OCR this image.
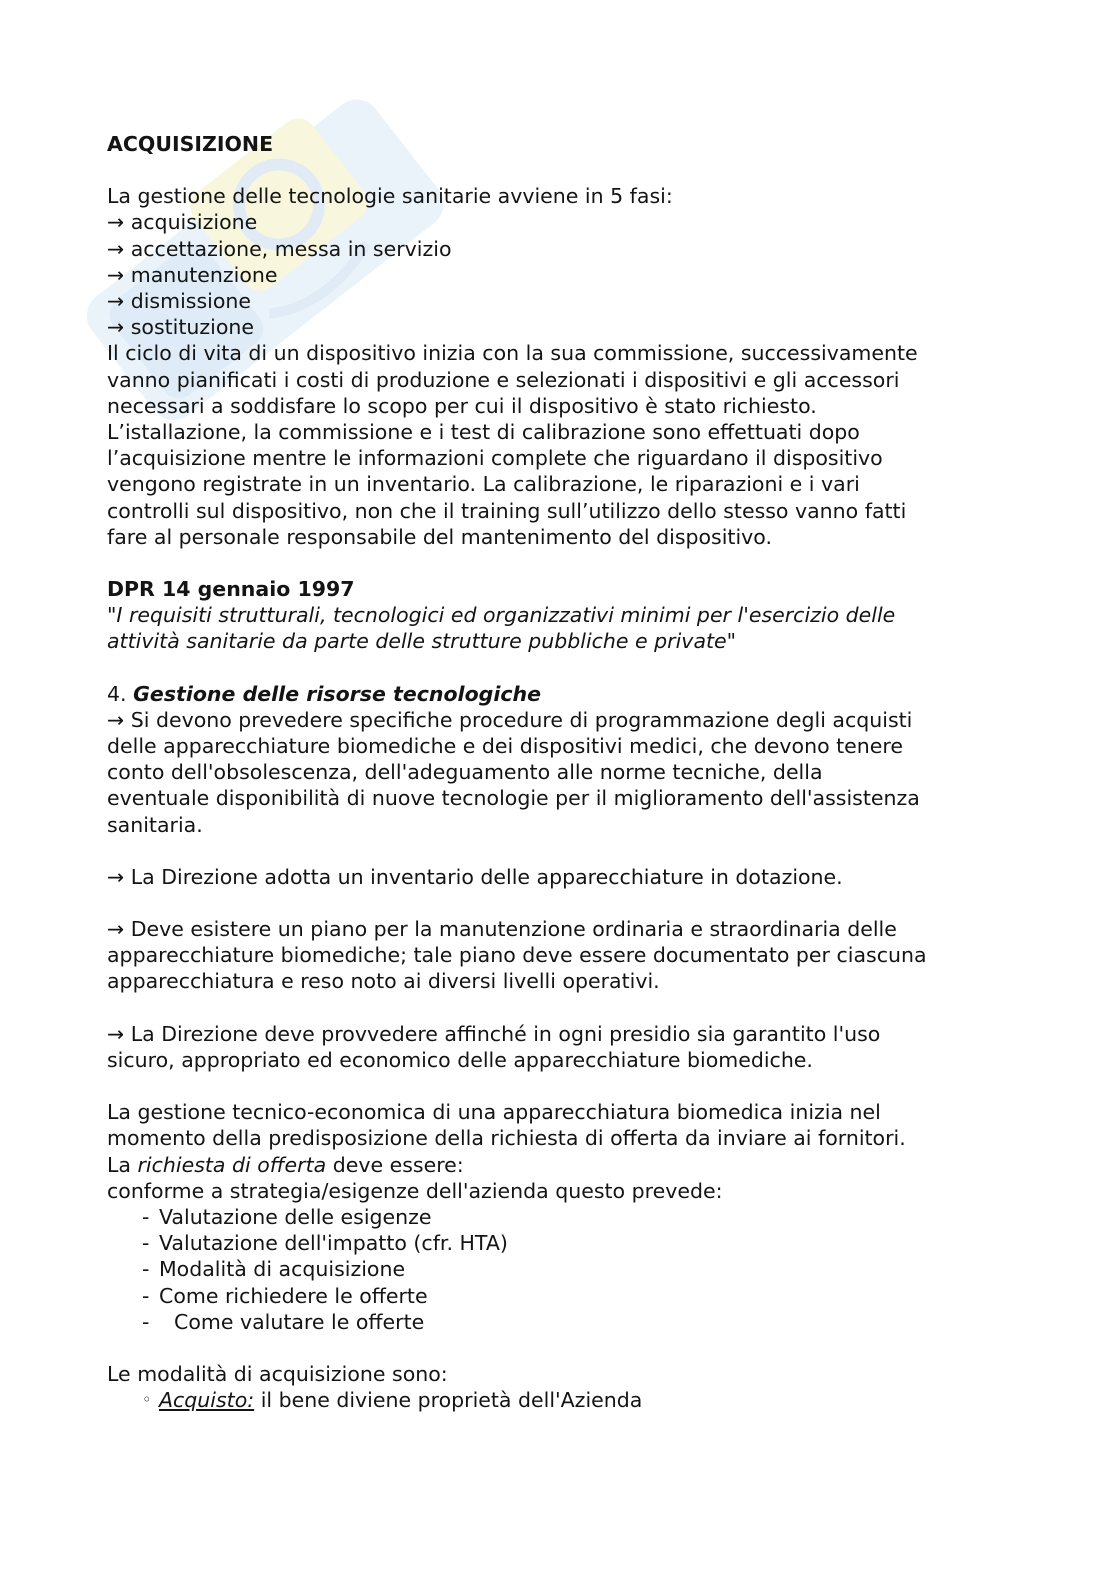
ACQUISIZIONE

La gestione delle tecnologie sanitarie avviene in 5 fasi:

→ acquisizione

→ accettazione, messa in servizio

→ manutenzione

→ dismissione

→ sostituzione

Il ciclo di vita di un dispositivo inizia con la sua commissione, successivamente

vanno pianificati i costi di produzione e selezionati i dispositivi e gli accessori

necessari a soddisfare lo scopo per cui il dispositivo è stato richiesto.

L’istallazione, la commissione e i test di calibrazione sono effettuati dopo

l’acquisizione mentre le informazioni complete che riguardano il dispositivo

vengono registrate in un inventario. La calibrazione, le riparazioni e i vari

controlli sul dispositivo, non che il training sull’utilizzo dello stesso vanno fatti

fare al personale responsabile del mantenimento del dispositivo.

DPR 14 gennaio 1997

"I requisiti strutturali, tecnologici ed organizzativi minimi per l'esercizio delle

attività sanitarie da parte delle strutture pubbliche e private"

4. Gestione delle risorse tecnologiche

→ Si devono prevedere specifiche procedure di programmazione degli acquisti

delle apparecchiature biomediche e dei dispositivi medici, che devono tenere

conto dell'obsolescenza, dell'adeguamento alle norme tecniche, della

eventuale disponibilità di nuove tecnologie per il miglioramento dell'assistenza

sanitaria.

→ La Direzione adotta un inventario delle apparecchiature in dotazione.

→ Deve esistere un piano per la manutenzione ordinaria e straordinaria delle

apparecchiature biomediche; tale piano deve essere documentato per ciascuna

apparecchiatura e reso noto ai diversi livelli operativi.

→ La Direzione deve provvedere affinché in ogni presidio sia garantito l'uso

sicuro, appropriato ed economico delle apparecchiature biomediche.

La gestione tecnico-economica di una apparecchiatura biomedica inizia nel

momento della predisposizione della richiesta di offerta da inviare ai fornitori.

La richiesta di offerta deve essere:

conforme a strategia/esigenze dell'azienda questo prevede:

- Valutazione delle esigenze
- Valutazione dell'impatto (cfr. HTA)
- Modalità di acquisizione
- Come richiedere le offerte
- Come valutare le offerte

Le modalità di acquisizione sono:

◦ Acquisto: il bene diviene proprietà dell'Azienda
